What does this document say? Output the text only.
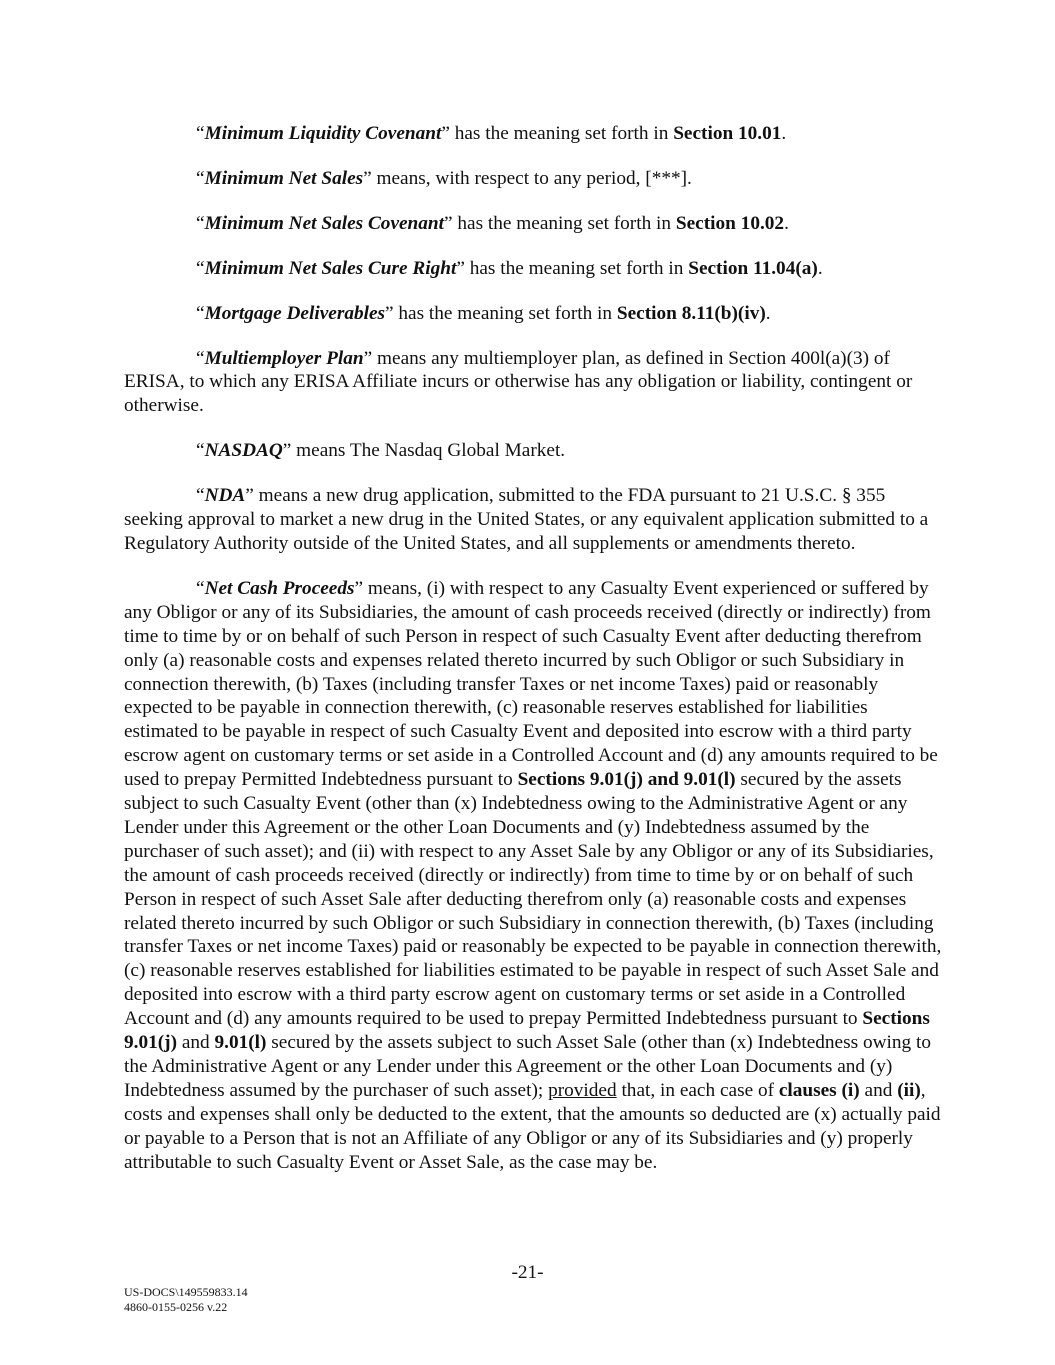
“Minimum Liquidity Covenant” has the meaning set forth in Section 10.01.

“Minimum Net Sales” means, with respect to any period, [***].

“Minimum Net Sales Covenant” has the meaning set forth in Section 10.02.

“Minimum Net Sales Cure Right” has the meaning set forth in Section 11.04(a).

“Mortgage Deliverables” has the meaning set forth in Section 8.11(b)(iv).

“Multiemployer Plan” means any multiemployer plan, as defined in Section 400l(a)(3) of ERISA, to which any ERISA Affiliate incurs or otherwise has any obligation or liability, contingent or otherwise.

“NASDAQ” means The Nasdaq Global Market.

“NDA” means a new drug application, submitted to the FDA pursuant to 21 U.S.C. § 355 seeking approval to market a new drug in the United States, or any equivalent application submitted to a Regulatory Authority outside of the United States, and all supplements or amendments thereto.

“Net Cash Proceeds” means, (i) with respect to any Casualty Event experienced or suffered by any Obligor or any of its Subsidiaries, the amount of cash proceeds received (directly or indirectly) from time to time by or on behalf of such Person in respect of such Casualty Event after deducting therefrom only (a) reasonable costs and expenses related thereto incurred by such Obligor or such Subsidiary in connection therewith, (b) Taxes (including transfer Taxes or net income Taxes) paid or reasonably expected to be payable in connection therewith, (c) reasonable reserves established for liabilities estimated to be payable in respect of such Casualty Event and deposited into escrow with a third party escrow agent on customary terms or set aside in a Controlled Account and (d) any amounts required to be used to prepay Permitted Indebtedness pursuant to Sections 9.01(j) and 9.01(l) secured by the assets subject to such Casualty Event (other than (x) Indebtedness owing to the Administrative Agent or any Lender under this Agreement or the other Loan Documents and (y) Indebtedness assumed by the purchaser of such asset); and (ii) with respect to any Asset Sale by any Obligor or any of its Subsidiaries, the amount of cash proceeds received (directly or indirectly) from time to time by or on behalf of such Person in respect of such Asset Sale after deducting therefrom only (a) reasonable costs and expenses related thereto incurred by such Obligor or such Subsidiary in connection therewith, (b) Taxes (including transfer Taxes or net income Taxes) paid or reasonably be expected to be payable in connection therewith, (c) reasonable reserves established for liabilities estimated to be payable in respect of such Asset Sale and deposited into escrow with a third party escrow agent on customary terms or set aside in a Controlled Account and (d) any amounts required to be used to prepay Permitted Indebtedness pursuant to Sections 9.01(j) and 9.01(l) secured by the assets subject to such Asset Sale (other than (x) Indebtedness owing to the Administrative Agent or any Lender under this Agreement or the other Loan Documents and (y) Indebtedness assumed by the purchaser of such asset); provided that, in each case of clauses (i) and (ii), costs and expenses shall only be deducted to the extent, that the amounts so deducted are (x) actually paid or payable to a Person that is not an Affiliate of any Obligor or any of its Subsidiaries and (y) properly attributable to such Casualty Event or Asset Sale, as the case may be.

-21-
US-DOCS\149559833.14
4860-0155-0256 v.22
